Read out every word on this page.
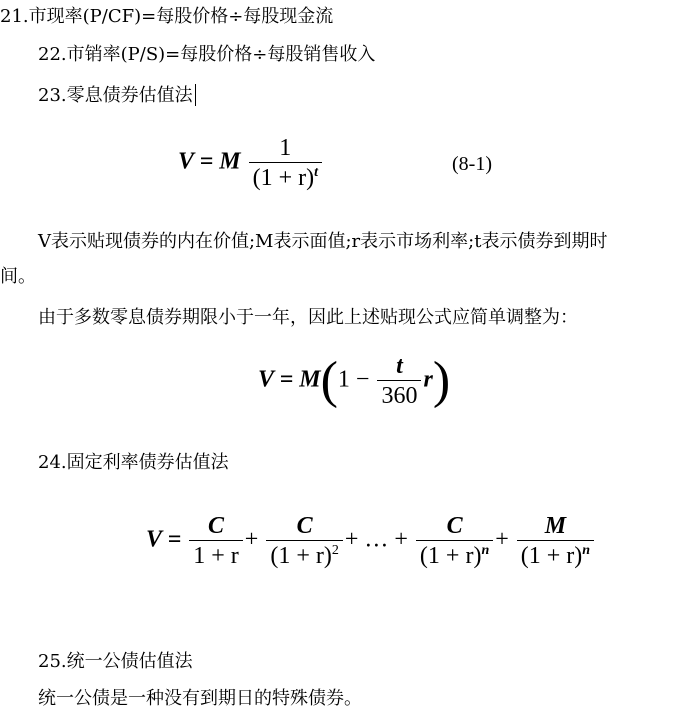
21.市现率(P/CF)=每股价格÷每股现金流
22.市销率(P/S)=每股价格÷每股销售收入
23.零息债券估值法
V = M $\frac{1}{(1 + r)^t}$	(8-1)
V表示贴现债券的内在价值;M表示面值;r表示市场利率;t表示债券到期时
间。
由于多数零息债券期限小于一年，因此上述贴现公式应简单调整为：
$V = M(1 - \frac{t}{360} r)$
24.固定利率债券估值法
$V = \frac{C}{1 + r} + \frac{C}{(1 + r)^2}$ + … + $\frac{C}{(1 + r)^n} + \frac{M}{(1 + r)^n}$
25.统一公债估值法
统一公债是一种没有到期日的特殊债券。
